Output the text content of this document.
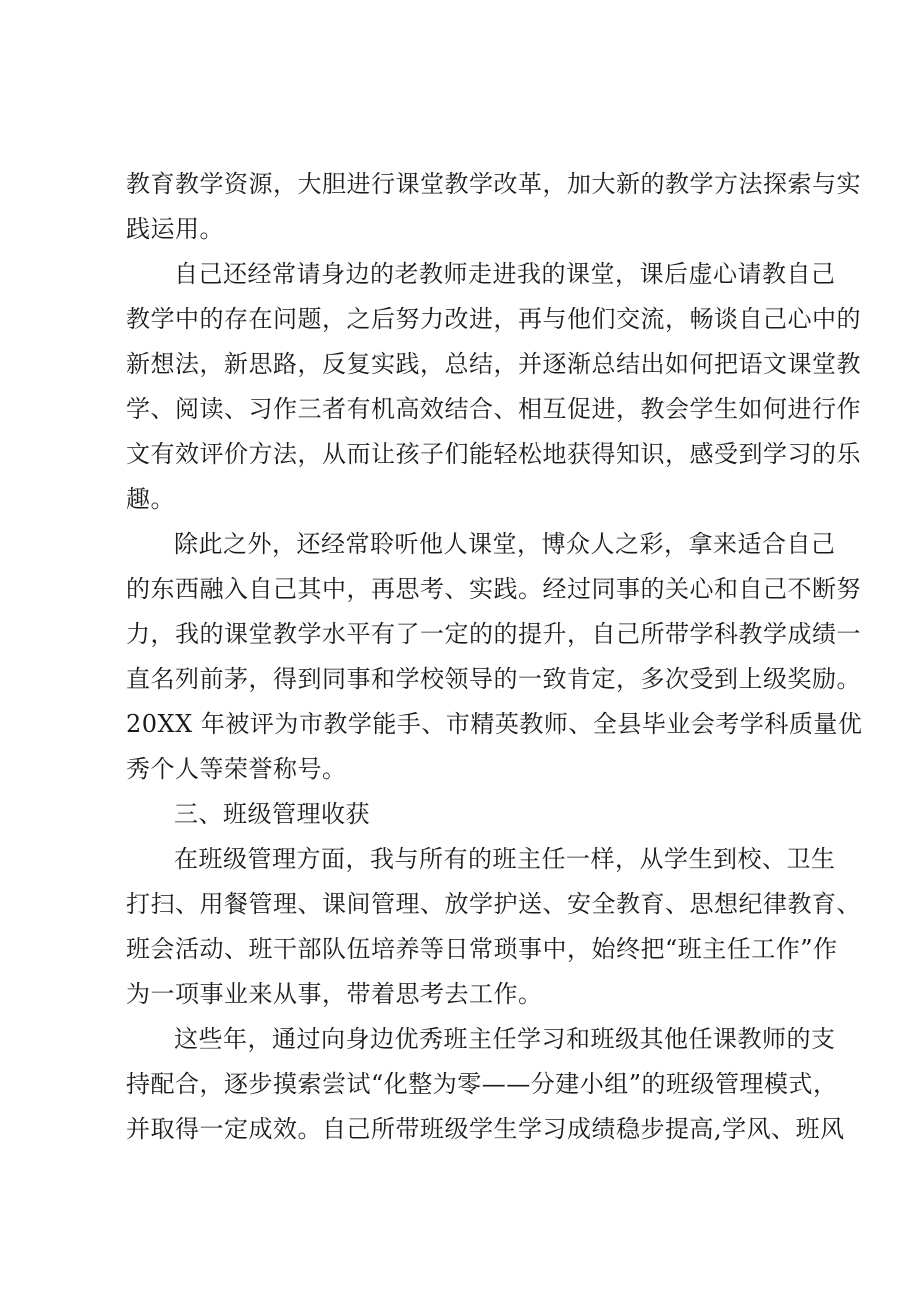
教育教学资源，大胆进行课堂教学改革，加大新的教学方法探索与实
践运用。
自己还经常请身边的老教师走进我的课堂，课后虚心请教自己
教学中的存在问题，之后努力改进，再与他们交流，畅谈自己心中的
新想法，新思路，反复实践，总结，并逐渐总结出如何把语文课堂教
学、阅读、习作三者有机高效结合、相互促进，教会学生如何进行作
文有效评价方法，从而让孩子们能轻松地获得知识，感受到学习的乐
趣。
除此之外，还经常聆听他人课堂，博众人之彩，拿来适合自己
的东西融入自己其中，再思考、实践。经过同事的关心和自己不断努
力，我的课堂教学水平有了一定的的提升，自己所带学科教学成绩一
直名列前茅，得到同事和学校领导的一致肯定，多次受到上级奖励。
20XX 年被评为市教学能手、市精英教师、全县毕业会考学科质量优
秀个人等荣誉称号。
三、班级管理收获
在班级管理方面，我与所有的班主任一样，从学生到校、卫生
打扫、用餐管理、课间管理、放学护送、安全教育、思想纪律教育、
班会活动、班干部队伍培养等日常琐事中，始终把“班主任工作”作
为一项事业来从事，带着思考去工作。
这些年，通过向身边优秀班主任学习和班级其他任课教师的支
持配合，逐步摸索尝试“化整为零——分建小组”的班级管理模式，
并取得一定成效。自己所带班级学生学习成绩稳步提高,学风、班风
